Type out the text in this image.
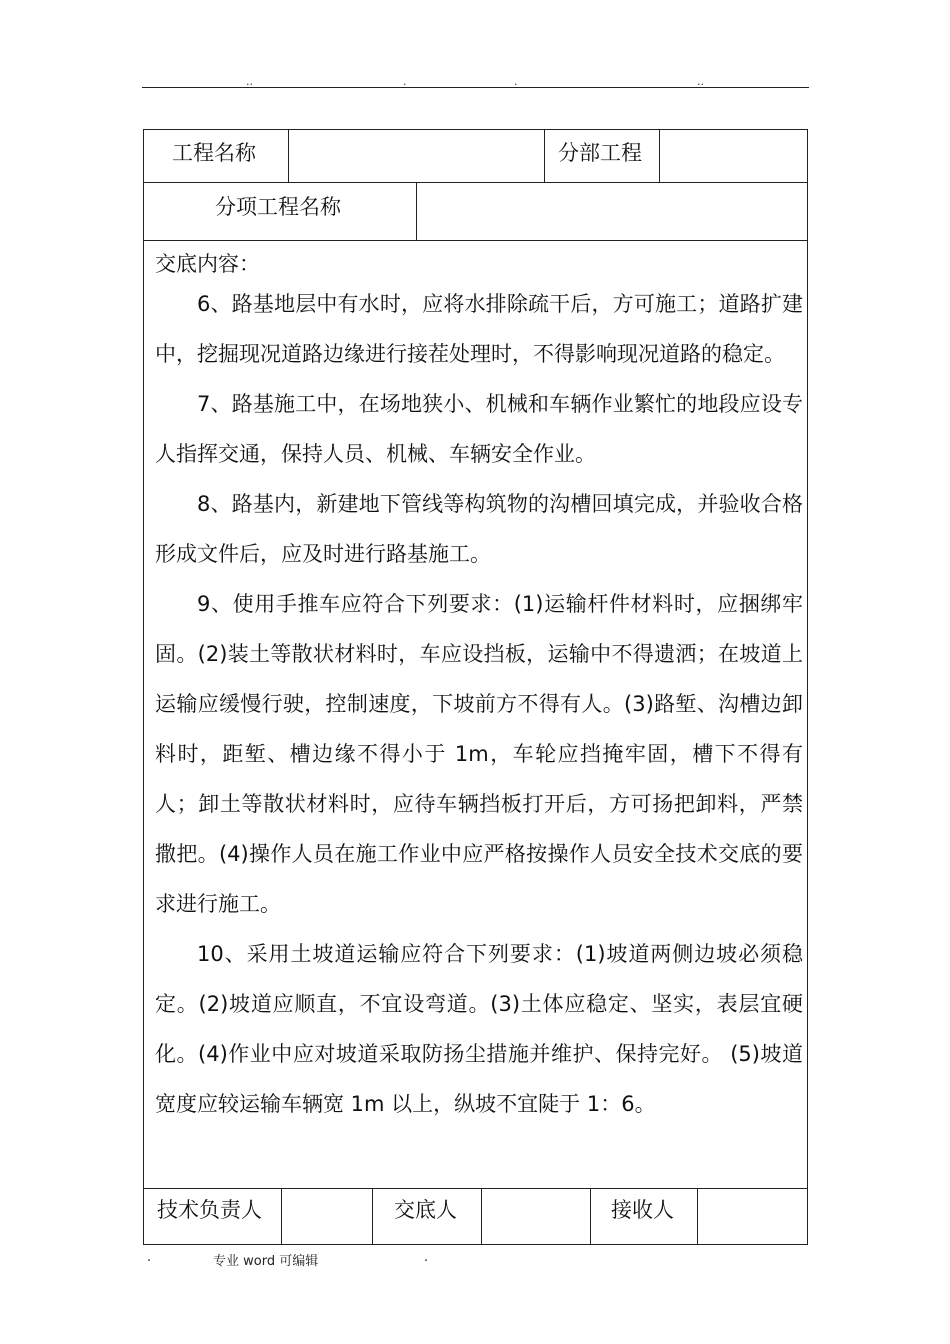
..	.	.	..
工程名称	分部工程
分项工程名称
交底内容：

6、路基地层中有水时，应将水排除疏干后，方可施工；道路扩建中，挖掘现况道路边缘进行接茬处理时，不得影响现况道路的稳定。

7、路基施工中，在场地狭小、机械和车辆作业繁忙的地段应设专人指挥交通，保持人员、机械、车辆安全作业。

8、路基内，新建地下管线等构筑物的沟槽回填完成，并验收合格形成文件后，应及时进行路基施工。

9、使用手推车应符合下列要求：(1)运输杆件材料时，应捆绑牢固。(2)装土等散状材料时，车应设挡板，运输中不得遗洒；在坡道上运输应缓慢行驶，控制速度，下坡前方不得有人。(3)路堑、沟槽边卸料时，距堑、槽边缘不得小于 1m，车轮应挡掩牢固，槽下不得有人；卸土等散状材料时，应待车辆挡板打开后，方可扬把卸料，严禁撒把。(4)操作人员在施工作业中应严格按操作人员安全技术交底的要求进行施工。

10、采用土坡道运输应符合下列要求：(1)坡道两侧边坡必须稳定。(2)坡道应顺直，不宜设弯道。(3)土体应稳定、坚实，表层宜硬化。(4)作业中应对坡道采取防扬尘措施并维护、保持完好。 (5)坡道宽度应较运输车辆宽 1m 以上，纵坡不宜陡于 1：6。

技术负责人	交底人	接收人
.	专业 word 可编辑	.
